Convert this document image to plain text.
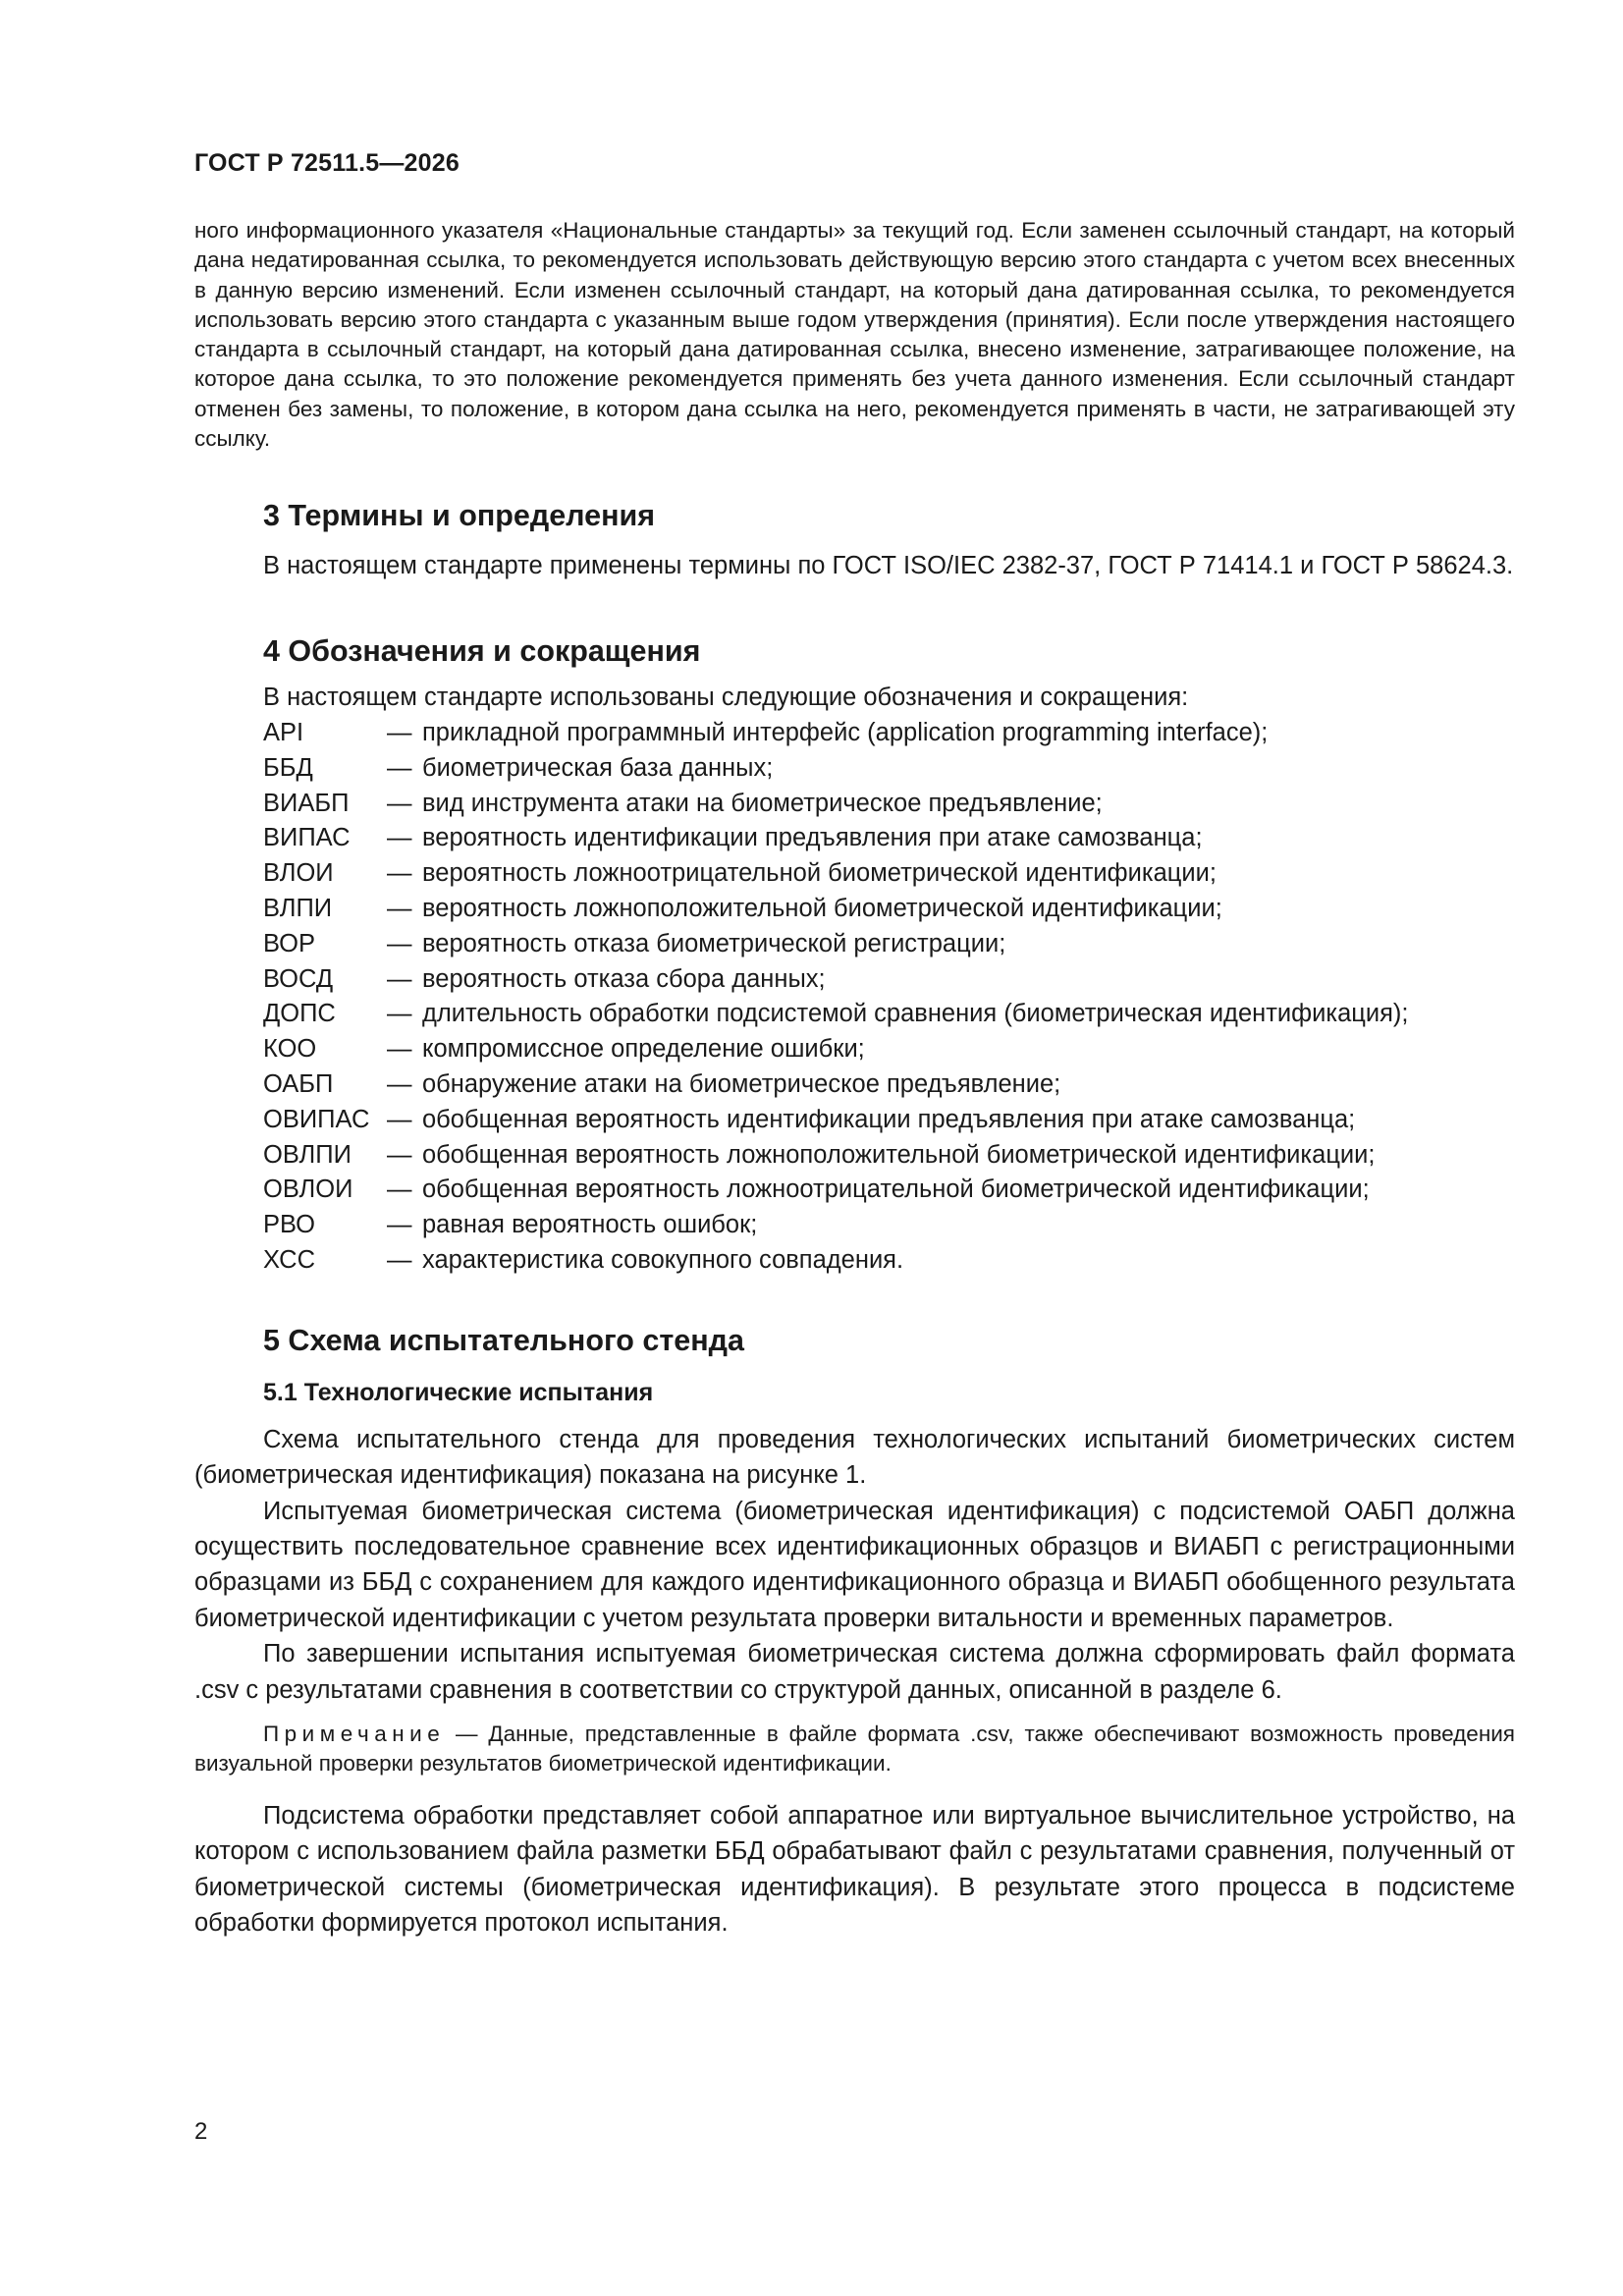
ГОСТ Р 72511.5—2026

ного информационного указателя «Национальные стандарты» за текущий год. Если заменен ссылочный стандарт, на который дана недатированная ссылка, то рекомендуется использовать действующую версию этого стандарта с учетом всех внесенных в данную версию изменений. Если изменен ссылочный стандарт, на который дана датированная ссылка, то рекомендуется использовать версию этого стандарта с указанным выше годом утверждения (принятия). Если после утверждения настоящего стандарта в ссылочный стандарт, на который дана датированная ссылка, внесено изменение, затрагивающее положение, на которое дана ссылка, то это положение рекомендуется применять без учета данного изменения. Если ссылочный стандарт отменен без замены, то положение, в котором дана ссылка на него, рекомендуется применять в части, не затрагивающей эту ссылку.

3 Термины и определения

В настоящем стандарте применены термины по ГОСТ ISO/IEC 2382-37, ГОСТ Р 71414.1 и ГОСТ Р 58624.3.

4 Обозначения и сокращения

В настоящем стандарте использованы следующие обозначения и сокращения:

API	— прикладной программный интерфейс (application programming interface);
ББД	— биометрическая база данных;
ВИАБП	— вид инструмента атаки на биометрическое предъявление;
ВИПАС	— вероятность идентификации предъявления при атаке самозванца;
ВЛОИ	— вероятность ложноотрицательной биометрической идентификации;
ВЛПИ	— вероятность ложноположительной биометрической идентификации;
ВОР	— вероятность отказа биометрической регистрации;
ВОСД	— вероятность отказа сбора данных;
ДОПС	— длительность обработки подсистемой сравнения (биометрическая идентификация);
КОО	— компромиссное определение ошибки;
ОАБП	— обнаружение атаки на биометрическое предъявление;
ОВИПАС — обобщенная вероятность идентификации предъявления при атаке самозванца;
ОВЛПИ	— обобщенная вероятность ложноположительной биометрической идентификации;
ОВЛОИ	— обобщенная вероятность ложноотрицательной биометрической идентификации;
РВО	— равная вероятность ошибок;
ХСС	— характеристика совокупного совпадения.
5 Схема испытательного стенда
5.1 Технологические испытания

Схема испытательного стенда для проведения технологических испытаний биометрических систем (биометрическая идентификация) показана на рисунке 1.

Испытуемая биометрическая система (биометрическая идентификация) с подсистемой ОАБП должна осуществить последовательное сравнение всех идентификационных образцов и ВИАБП с регистрационными образцами из ББД с сохранением для каждого идентификационного образца и ВИАБП обобщенного результата биометрической идентификации с учетом результата проверки витальности и временных параметров.

По завершении испытания испытуемая биометрическая система должна сформировать файл формата .csv с результатами сравнения в соответствии со структурой данных, описанной в разделе 6.

Примечание — Данные, представленные в файле формата .csv, также обеспечивают возможность проведения визуальной проверки результатов биометрической идентификации.

Подсистема обработки представляет собой аппаратное или виртуальное вычислительное устройство, на котором с использованием файла разметки ББД обрабатывают файл с результатами сравнения, полученный от биометрической системы (биометрическая идентификация). В результате этого процесса в подсистеме обработки формируется протокол испытания.

2
